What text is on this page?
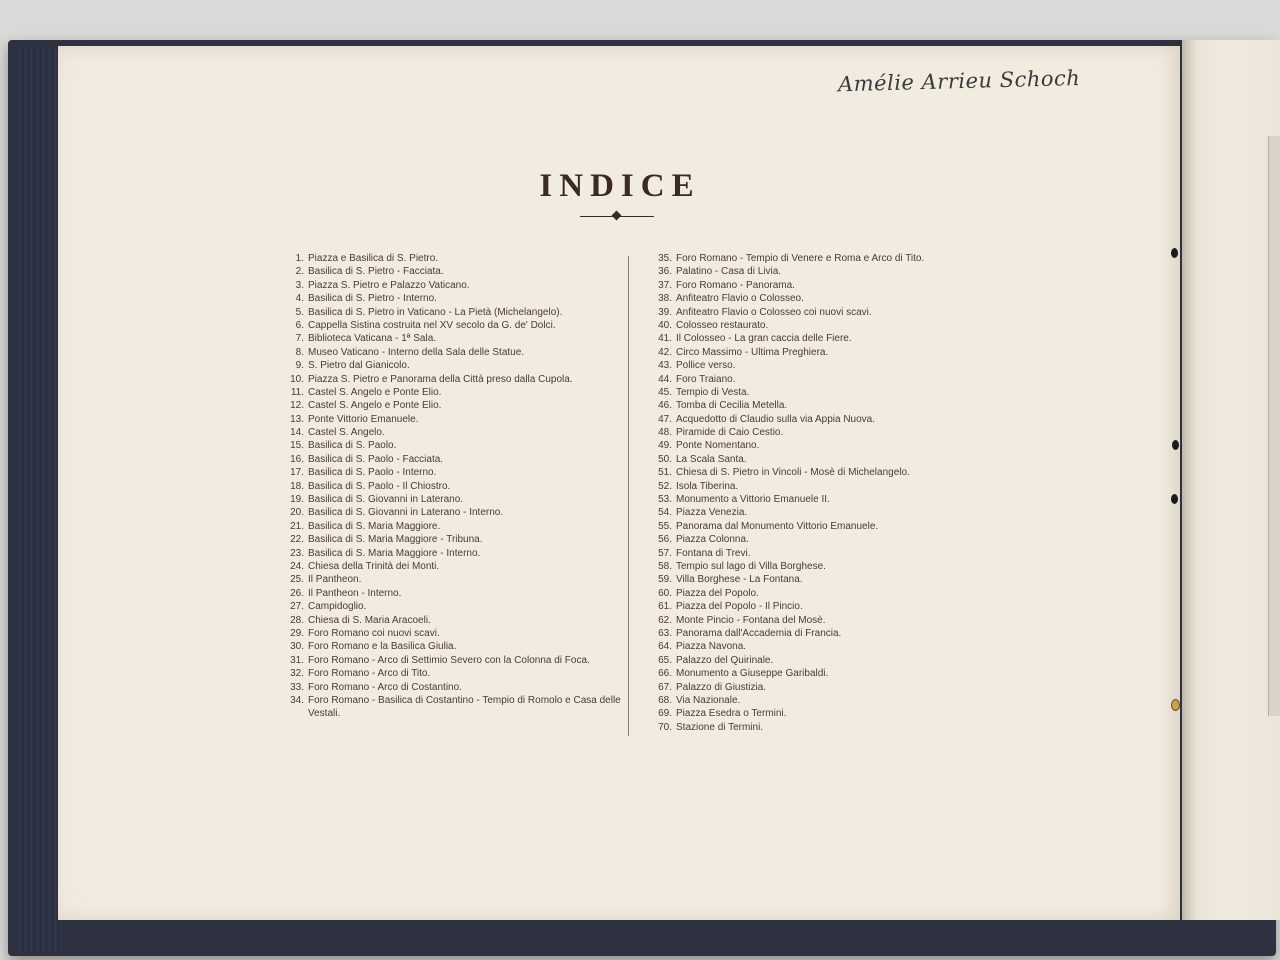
Amélie Arrieu Schoch
INDICE
1. Piazza e Basilica di S. Pietro.
2. Basilica di S. Pietro - Facciata.
3. Piazza S. Pietro e Palazzo Vaticano.
4. Basilica di S. Pietro - Interno.
5. Basilica di S. Pietro in Vaticano - La Pietà (Michelangelo).
6. Cappella Sistina costruita nel XV secolo da G. de' Dolci.
7. Biblioteca Vaticana - 1ª Sala.
8. Museo Vaticano - Interno della Sala delle Statue.
9. S. Pietro dal Gianicolo.
10. Piazza S. Pietro e Panorama della Città preso dalla Cupola.
11. Castel S. Angelo e Ponte Elio.
12. Castel S. Angelo e Ponte Elio.
13. Ponte Vittorio Emanuele.
14. Castel S. Angelo.
15. Basilica di S. Paolo.
16. Basilica di S. Paolo - Facciata.
17. Basilica di S. Paolo - Interno.
18. Basilica di S. Paolo - Il Chiostro.
19. Basilica di S. Giovanni in Laterano.
20. Basilica di S. Giovanni in Laterano - Interno.
21. Basilica di S. Maria Maggiore.
22. Basilica di S. Maria Maggiore - Tribuna.
23. Basilica di S. Maria Maggiore - Interno.
24. Chiesa della Trinità dei Monti.
25. Il Pantheon.
26. Il Pantheon - Interno.
27. Campidoglio.
28. Chiesa di S. Maria Aracoeli.
29. Foro Romano coi nuovi scavi.
30. Foro Romano e la Basilica Giulia.
31. Foro Romano - Arco di Settimio Severo con la Colonna di Foca.
32. Foro Romano - Arco di Tito.
33. Foro Romano - Arco di Costantino.
34. Foro Romano - Basilica di Costantino - Tempio di Romolo e Casa delle Vestali.
35. Foro Romano - Tempio di Venere e Roma e Arco di Tito.
36. Palatino - Casa di Livia.
37. Foro Romano - Panorama.
38. Anfiteatro Flavio o Colosseo.
39. Anfiteatro Flavio o Colosseo coi nuovi scavi.
40. Colosseo restaurato.
41. Il Colosseo - La gran caccia delle Fiere.
42. Circo Massimo - Ultima Preghiera.
43. Pollice verso.
44. Foro Traiano.
45. Tempio di Vesta.
46. Tomba di Cecilia Metella.
47. Acquedotto di Claudio sulla via Appia Nuova.
48. Piramide di Caio Cestio.
49. Ponte Nomentano.
50. La Scala Santa.
51. Chiesa di S. Pietro in Vincoli - Mosè di Michelangelo.
52. Isola Tiberina.
53. Monumento a Vittorio Emanuele II.
54. Piazza Venezia.
55. Panorama dal Monumento Vittorio Emanuele.
56. Piazza Colonna.
57. Fontana di Trevi.
58. Tempio sul lago di Villa Borghese.
59. Villa Borghese - La Fontana.
60. Piazza del Popolo.
61. Piazza del Popolo - Il Pincio.
62. Monte Pincio - Fontana del Mosè.
63. Panorama dall'Accademia di Francia.
64. Piazza Navona.
65. Palazzo del Quirinale.
66. Monumento a Giuseppe Garibaldi.
67. Palazzo di Giustizia.
68. Via Nazionale.
69. Piazza Esedra o Termini.
70. Stazione di Termini.
